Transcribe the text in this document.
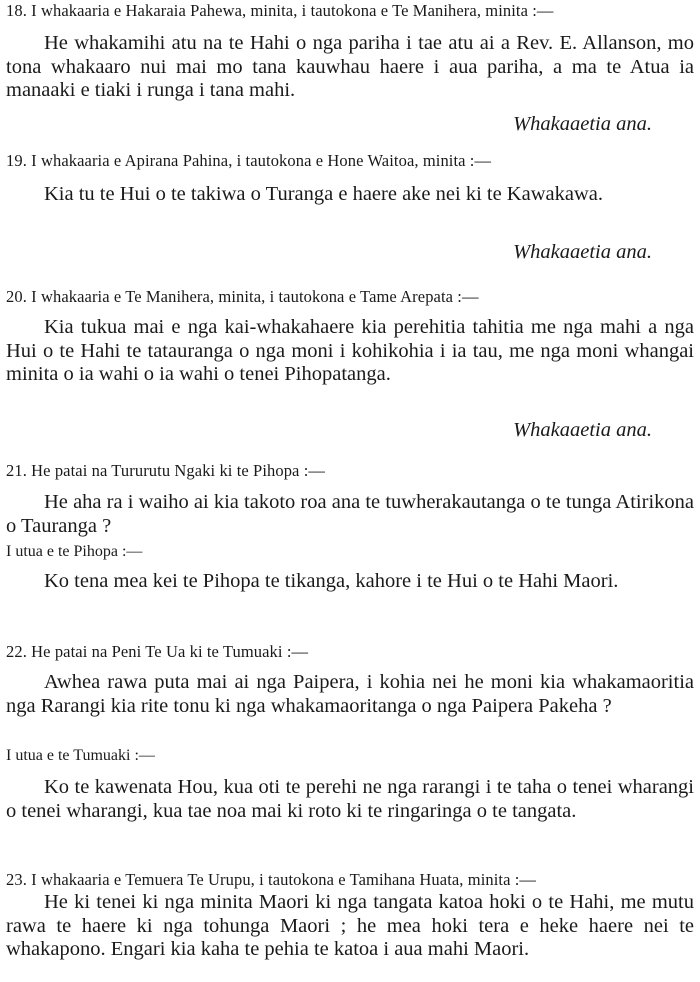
18. I whakaaria e Hakaraia Pahewa, minita, i tautokona e Te Manihera, minita :—
He whakamihi atu na te Hahi o nga pariha i tae atu ai a Rev. E. Allanson, mo tona whakaaro nui mai mo tana kauwhau haere i aua pariha, a ma te Atua ia manaaki e tiaki i runga i tana mahi.
Whakaaetia ana.
19. I whakaaria e Apirana Pahina, i tautokona e Hone Waitoa, minita :—
Kia tu te Hui o te takiwa o Turanga e haere ake nei ki te Kawakawa.
Whakaaetia ana.
20. I whakaaria e Te Manihera, minita, i tautokona e Tame Arepata :—
Kia tukua mai e nga kai-whakahaere kia perehitia tahitia me nga mahi a nga Hui o te Hahi te tatauranga o nga moni i kohikohia i ia tau, me nga moni whangai minita o ia wahi o ia wahi o tenei Pihopatanga.
Whakaaetia ana.
21. He patai na Tururutu Ngaki ki te Pihopa :—
He aha ra i waiho ai kia takoto roa ana te tuwherakautanga o te tunga Atirikona o Tauranga ?
I utua e te Pihopa :—
Ko tena mea kei te Pihopa te tikanga, kahore i te Hui o te Hahi Maori.
22. He patai na Peni Te Ua ki te Tumuaki :—
Awhea rawa puta mai ai nga Paipera, i kohia nei he moni kia whakamaoritia nga Rarangi kia rite tonu ki nga whakamaoritanga o nga Paipera Pakeha ?
I utua e te Tumuaki :—
Ko te kawenata Hou, kua oti te perehi ne nga rarangi i te taha o tenei wharangi o tenei wharangi, kua tae noa mai ki roto ki te ringaringa o te tangata.
23. I whakaaria e Temuera Te Urupu, i tautokona e Tamihana Huata, minita :—
He ki tenei ki nga minita Maori ki nga tangata katoa hoki o te Hahi, me mutu rawa te haere ki nga tohunga Maori ; he mea hoki tera e heke haere nei te whakapono. Engari kia kaha te pehia te katoa i aua mahi Maori.
